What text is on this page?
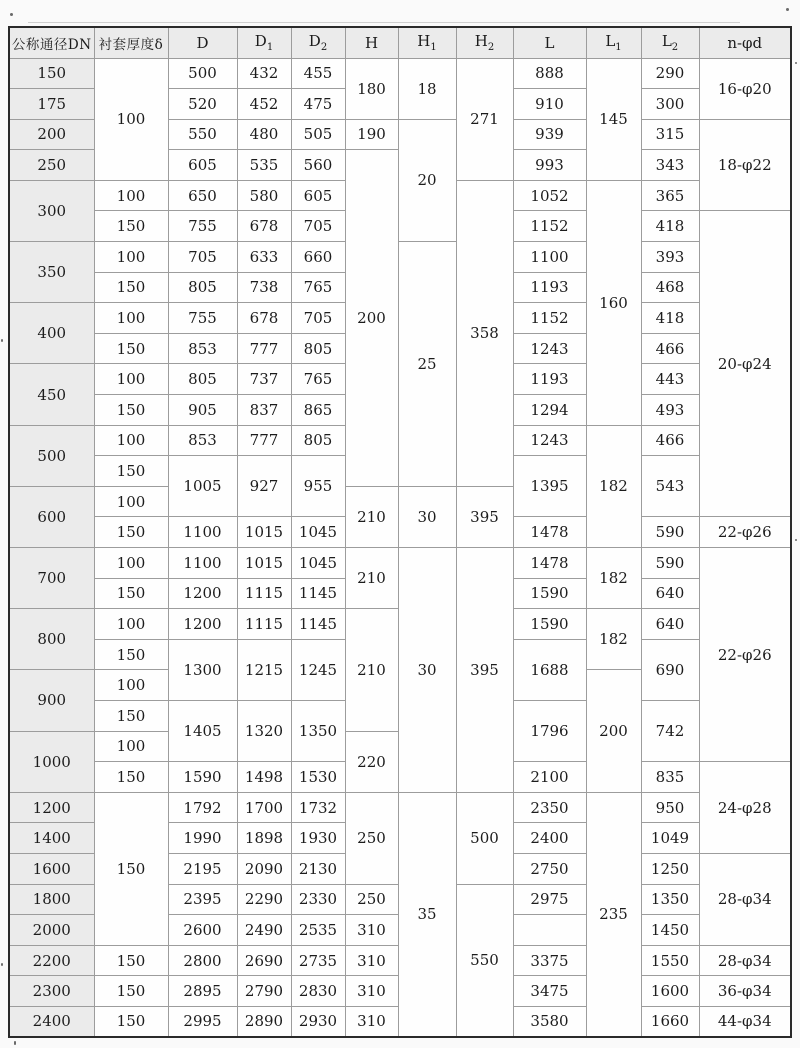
公称通径DN	衬套厚度δ	D	$D_1$	$D_2$	H	$H_1$	$H_2$	L	$L_1$	$L_2$	n-φd
150	100	500	432	455	180	18	271	888	145	290	16-φ20
175		520	452	475				910		300	
200		550	480	505	190	20		939		315	18-φ22
250		605	535	560	200			993		343	
300	100	650	580	605			358	1052	160	365	
	150	755	678	705				1152		418	20-φ24
350	100	705	633	660		25		1100		393	
	150	805	738	765				1193		468	
400	100	755	678	705				1152		418	
	150	853	777	805				1243		466	
450	100	805	737	765				1193		443	
	150	905	837	865				1294		493	
500	100	853	777	805				1243	182	466	
	150	1005	927	955				1395		543	
600	100				210	30	395				
	150	1100	1015	1045				1478		590	22-φ26
700	100	1100	1015	1045	210	30	395	1478	182	590	22-φ26
	150	1200	1115	1145				1590		640	
800	100	1200	1115	1145	210			1590	182	640	
	150	1300	1215	1245				1688		690	
900	100								200		
	150	1405	1320	1350				1796		742	
1000	100				220						
	150	1590	1498	1530				2100		835	24-φ28
1200	150	1792	1700	1732	250	35	500	2350	235	950	
1400		1990	1898	1930				2400		1049	
1600		2195	2090	2130				2750		1250	28-φ34
1800		2395	2290	2330	250		550	2975		1350	
2000		2600	2490	2535	310					1450	
2200	150	2800	2690	2735	310			3375		1550	28-φ34
2300	150	2895	2790	2830	310			3475		1600	36-φ34
2400	150	2995	2890	2930	310			3580		1660	44-φ34
